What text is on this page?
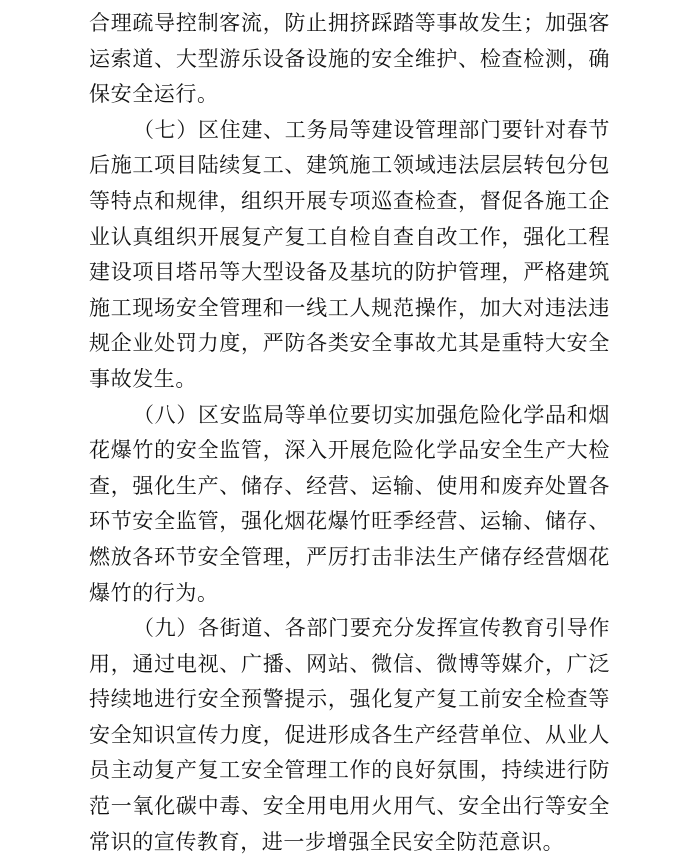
合理疏导控制客流，防止拥挤踩踏等事故发生；加强客运索道、大型游乐设备设施的安全维护、检查检测，确保安全运行。

（七）区住建、工务局等建设管理部门要针对春节后施工项目陆续复工、建筑施工领域违法层层转包分包等特点和规律，组织开展专项巡查检查，督促各施工企业认真组织开展复产复工自检自查自改工作，强化工程建设项目塔吊等大型设备及基坑的防护管理，严格建筑施工现场安全管理和一线工人规范操作，加大对违法违规企业处罚力度，严防各类安全事故尤其是重特大安全事故发生。

（八）区安监局等单位要切实加强危险化学品和烟花爆竹的安全监管，深入开展危险化学品安全生产大检查，强化生产、储存、经营、运输、使用和废弃处置各环节安全监管，强化烟花爆竹旺季经营、运输、储存、燃放各环节安全管理，严厉打击非法生产储存经营烟花爆竹的行为。

（九）各街道、各部门要充分发挥宣传教育引导作用，通过电视、广播、网站、微信、微博等媒介，广泛持续地进行安全预警提示，强化复产复工前安全检查等安全知识宣传力度，促进形成各生产经营单位、从业人员主动复产复工安全管理工作的良好氛围，持续进行防范一氧化碳中毒、安全用电用火用气、安全出行等安全常识的宣传教育，进一步增强全民安全防范意识。
